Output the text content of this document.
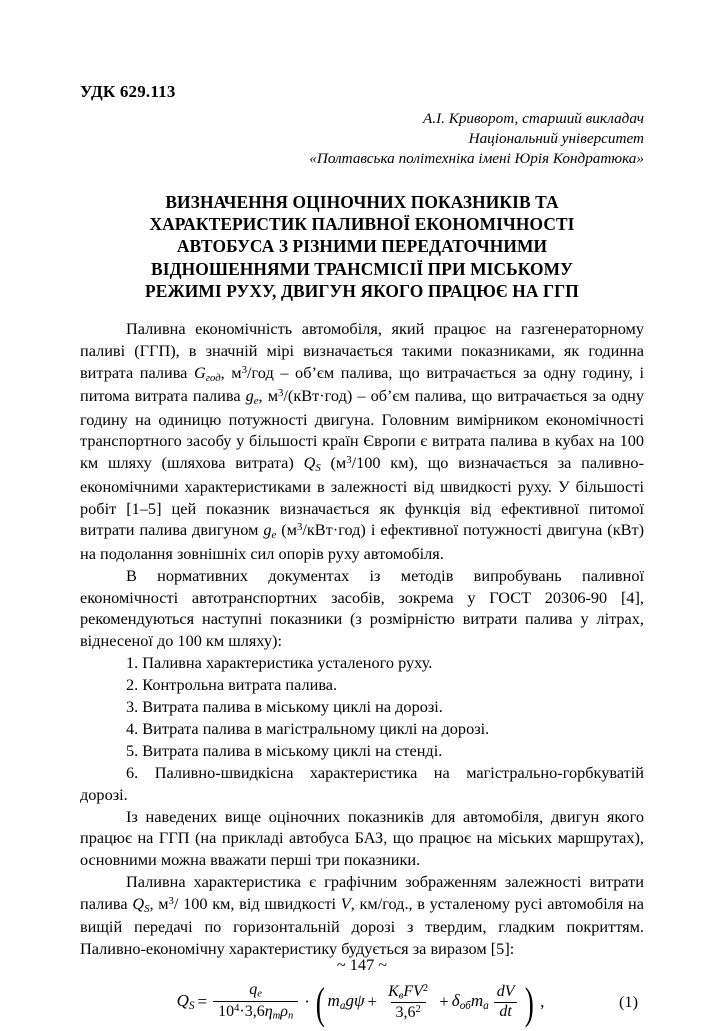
УДК 629.113
А.І. Криворот, старший викладач
Національний університет
«Полтавська політехніка імені Юрія Кондратюка»
ВИЗНАЧЕННЯ ОЦІНОЧНИХ ПОКАЗНИКІВ ТА
ХАРАКТЕРИСТИК ПАЛИВНОЇ ЕКОНОМІЧНОСТІ
АВТОБУСА З РІЗНИМИ ПЕРЕДАТОЧНИМИ
ВІДНОШЕННЯМИ ТРАНСМІСІЇ ПРИ МІСЬКОМУ
РЕЖИМІ РУХУ, ДВИГУН ЯКОГО ПРАЦЮЄ НА ГГП

Паливна економічність автомобіля, який працює на газгенераторному паливі (ГГП), в значній мірі визначається такими показниками, як годинна витрата палива $G_{год}$, $м^3$/год – об’єм палива, що витрачається за одну годину, і питома витрата палива $g_e$, $м^3/(кВт\cdot год)$ – об’єм палива, що витрачається за одну годину на одиницю потужності двигуна. Головним вимірником економічності транспортного засобу у більшості країн Європи є витрата палива в кубах на 100 км шляху (шляхова витрата) $Q_S$ ($м^3/100$ км), що визначається за паливно-економічними характеристиками в залежності від швидкості руху. У більшості робіт [1–5] цей показник визначається як функція від ефективної питомої витрати палива двигуном $g_e$ $(м^3/кВт\cdot год)$ і ефективної потужності двигуна (кВт) на подолання зовнішніх сил опорів руху автомобіля.

В нормативних документах із методів випробувань паливної економічності автотранспортних засобів, зокрема у ГОСТ 20306-90 [4], рекомендуються наступні показники (з розмірністю витрати палива у літрах, віднесеної до 100 км шляху):

1. Паливна характеристика усталеного руху.

2. Контрольна витрата палива.

3. Витрата палива в міському циклі на дорозі.

4. Витрата палива в магістральному циклі на дорозі.

5. Витрата палива в міському циклі на стенді.

6. Паливно-швидкісна характеристика на магістрально-горбкуватій дорозі.

Із наведених вище оціночних показників для автомобіля, двигун якого працює на ГГП (на прикладі автобуса БАЗ, що працює на міських маршрутах), основними можна вважати перші три показники.

Паливна характеристика є графічним зображенням залежності витрати палива $Q_S$, $м^3/$ 100 км, від швидкості V, км/год., в усталеному русі автомобіля на вищій передачі по горизонтальній дорозі з твердим, гладким покриттям. Паливно-економічну характеристику будується за виразом [5]:

$Q_S = \frac{q_e}{10^4\cdot 3,6\eta_m\rho_n}$ · ( $m_ag\psi + \frac{K_вFV^2}{3,6^2} + \delta_{об}m_a \frac{dV}{dt}$ ) ,	(1)
~ 147 ~
